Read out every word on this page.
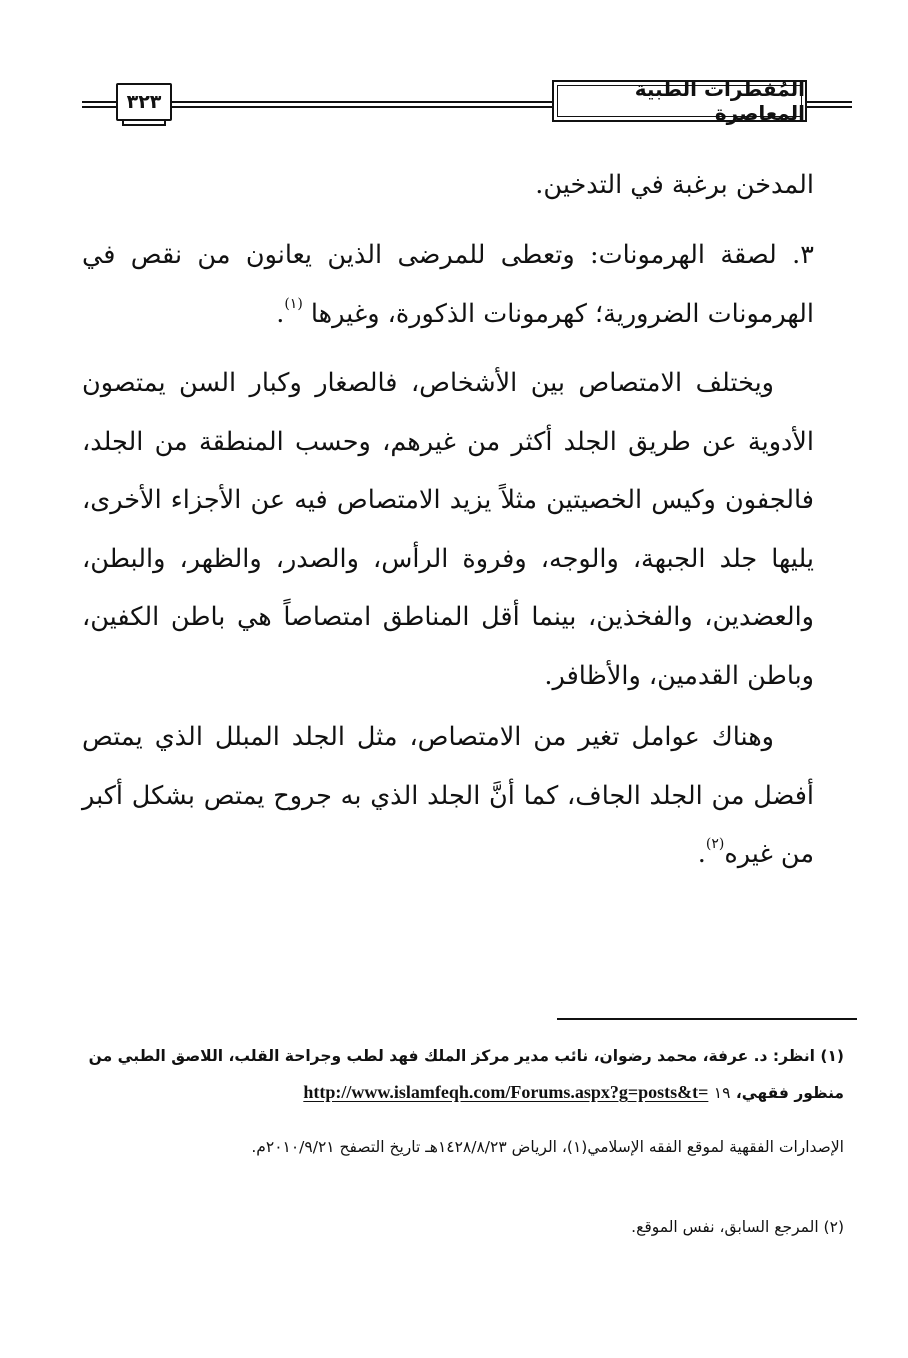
٣٢٣
المُفطرات الطبية المعاصرة

المدخن برغبة في التدخين.

٣. لصقة الهرمونات: وتعطى للمرضى الذين يعانون من نقص في الهرمونات الضرورية؛ كهرمونات الذكورة، وغيرها $^{(١)}$.

ويختلف الامتصاص بين الأشخاص، فالصغار وكبار السن يمتصون الأدوية عن طريق الجلد أكثر من غيرهم، وحسب المنطقة من الجلد، فالجفون وكيس الخصيتين مثلاً يزيد الامتصاص فيه عن الأجزاء الأخرى، يليها جلد الجبهة، والوجه، وفروة الرأس، والصدر، والظهر، والبطن، والعضدين، والفخذين، بينما أقل المناطق امتصاصاً هي باطن الكفين، وباطن القدمين، والأظافر.

وهناك عوامل تغير من الامتصاص، مثل الجلد المبلل الذي يمتص أفضل من الجلد الجاف، كما أنَّ الجلد الذي به جروح يمتص بشكل أكبر من غيره$^{(٢)}$.

(١) انظر: د. عرفة، محمد رضوان، نائب مدير مركز الملك فهد لطب وجراحة القلب، اللاصق الطبي من منظور فقهي، ١٩ http://www.islamfeqh.com/Forums.aspx?g=posts&t=
الإصدارات الفقهية لموقع الفقه الإسلامي(١)، الرياض ١٤٢٨/٨/٢٣هـ تاريخ التصفح ٢٠١٠/٩/٢١م.
(٢) المرجع السابق، نفس الموقع.
